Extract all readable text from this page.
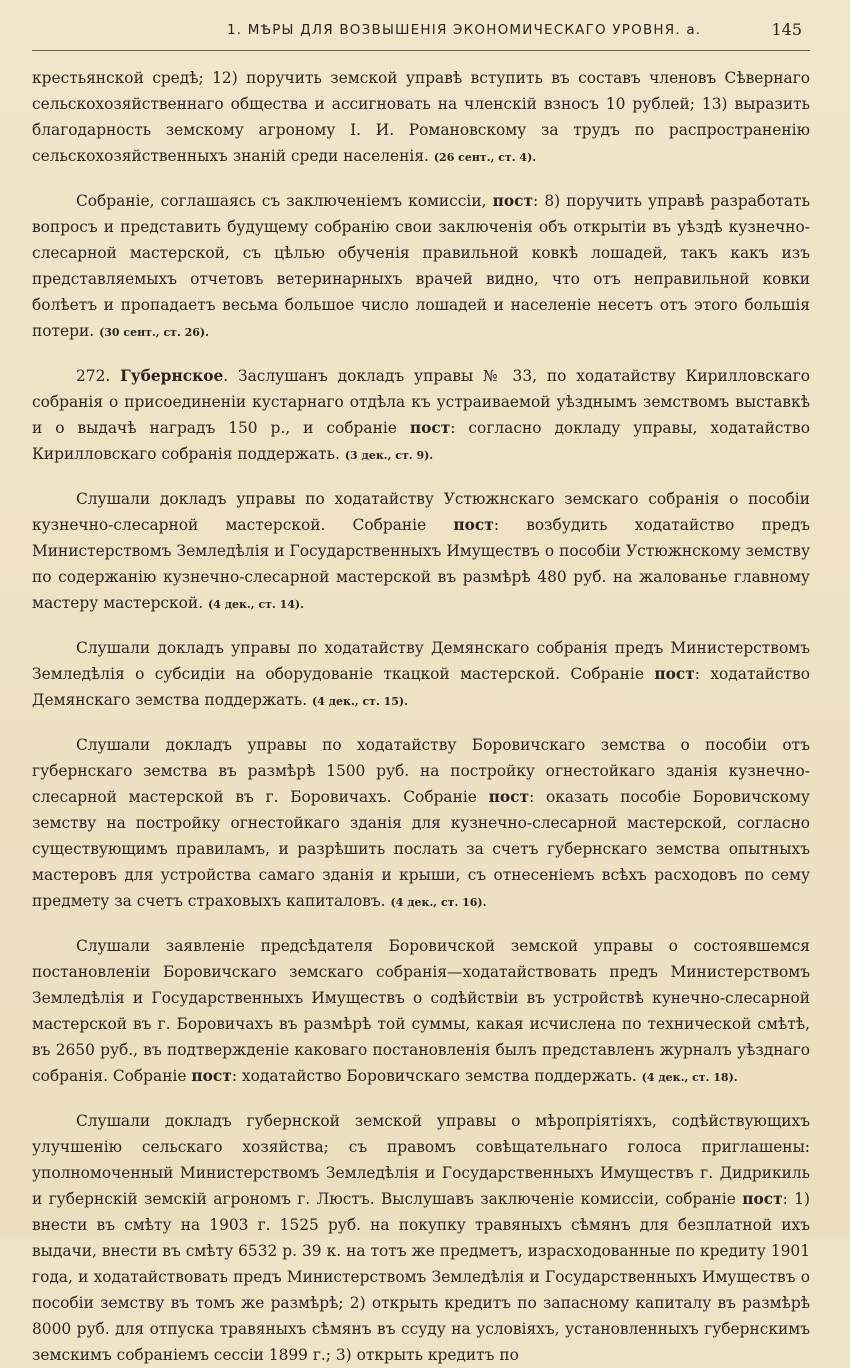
1. МѢРЫ ДЛЯ ВОЗВЫШЕНІЯ ЭКОНОМИЧЕСКАГО УРОВНЯ. а.	145

крестьянской средѣ; 12) поручить земской управѣ вступить въ составъ членовъ Сѣвернаго сельскохозяйственнаго общества и ассигновать на членскій взносъ 10 рублей; 13) выразить благодарность земскому агроному І. И. Романовскому за трудъ по распространенію сельскохозяйственныхъ знаній среди населенія. (26 сент., ст. 4).

Собраніе, соглашаясь съ заключеніемъ комиссіи, пост: 8) поручить управѣ разработать вопросъ и представить будущему собранію свои заключенія объ открытіи въ уѣздѣ кузнечно-слесарной мастерской, съ цѣлью обученія правильной ковкѣ лошадей, такъ какъ изъ представляемыхъ отчетовъ ветеринарныхъ врачей видно, что отъ неправильной ковки болѣетъ и пропадаетъ весьма большое число лошадей и населеніе несетъ отъ этого большія потери. (30 сент., ст. 26).

272. Губернское. Заслушанъ докладъ управы № 33, по ходатайству Кирилловскаго собранія о присоединеніи кустарнаго отдѣла къ устраиваемой уѣзднымъ земствомъ выставкѣ и о выдачѣ наградъ 150 р., и собраніе пост: согласно докладу управы, ходатайство Кирилловскаго собранія поддержать. (3 дек., ст. 9).

Слушали докладъ управы по ходатайству Устюжнскаго земскаго собранія о пособіи кузнечно-слесарной мастерской. Собраніе пост: возбудить ходатайство предъ Министерствомъ Земледѣлія и Государственныхъ Имуществъ о пособіи Устюжнскому земству по содержанію кузнечно-слесарной мастерской въ размѣрѣ 480 руб. на жалованье главному мастеру мастерской. (4 дек., ст. 14).

Слушали докладъ управы по ходатайству Демянскаго собранія предъ Министерствомъ Земледѣлія о субсидіи на оборудованіе ткацкой мастерской. Собраніе пост: ходатайство Демянскаго земства поддержать. (4 дек., ст. 15).

Слушали докладъ управы по ходатайству Боровичскаго земства о пособіи отъ губернскаго земства въ размѣрѣ 1500 руб. на постройку огнестойкаго зданія кузнечно-слесарной мастерской въ г. Боровичахъ. Собраніе пост: оказать пособіе Боровичскому земству на постройку огнестойкаго зданія для кузнечно-слесарной мастерской, согласно существующимъ правиламъ, и разрѣшить послать за счетъ губернскаго земства опытныхъ мастеровъ для устройства самаго зданія и крыши, съ отнесеніемъ всѣхъ расходовъ по сему предмету за счетъ страховыхъ капиталовъ. (4 дек., ст. 16).

Слушали заявленіе предсѣдателя Боровичской земской управы о состоявшемся постановленіи Боровичскаго земскаго собранія—ходатайствовать предъ Министерствомъ Земледѣлія и Государственныхъ Имуществъ о содѣйствіи въ устройствѣ кунечно-слесарной мастерской въ г. Боровичахъ въ размѣрѣ той суммы, какая исчислена по технической смѣтѣ, въ 2650 руб., въ подтвержденіе каковаго постановленія былъ представленъ журналъ уѣзднаго собранія. Собраніе пост: ходатайство Боровичскаго земства поддержать. (4 дек., ст. 18).

Слушали докладъ губернской земской управы о мѣропріятіяхъ, содѣйствующихъ улучшенію сельскаго хозяйства; съ правомъ совѣщательнаго голоса приглашены: уполномоченный Министерствомъ Земледѣлія и Государственныхъ Имуществъ г. Дидрикиль и губернскій земскій агрономъ г. Люстъ. Выслушавъ заключеніе комиссіи, собраніе пост: 1) внести въ смѣту на 1903 г. 1525 руб. на покупку травяныхъ сѣмянъ для безплатной ихъ выдачи, внести въ смѣту 6532 р. 39 к. на тотъ же предметъ, израсходованные по кредиту 1901 года, и ходатайствовать предъ Министерствомъ Земледѣлія и Государственныхъ Имуществъ о пособіи земству въ томъ же размѣрѣ; 2) открыть кредитъ по запасному капиталу въ размѣрѣ 8000 руб. для отпуска травяныхъ сѣмянъ въ ссуду на условіяхъ, установленныхъ губернскимъ земскимъ собраніемъ сессіи 1899 г.; 3) открыть кредитъ по
